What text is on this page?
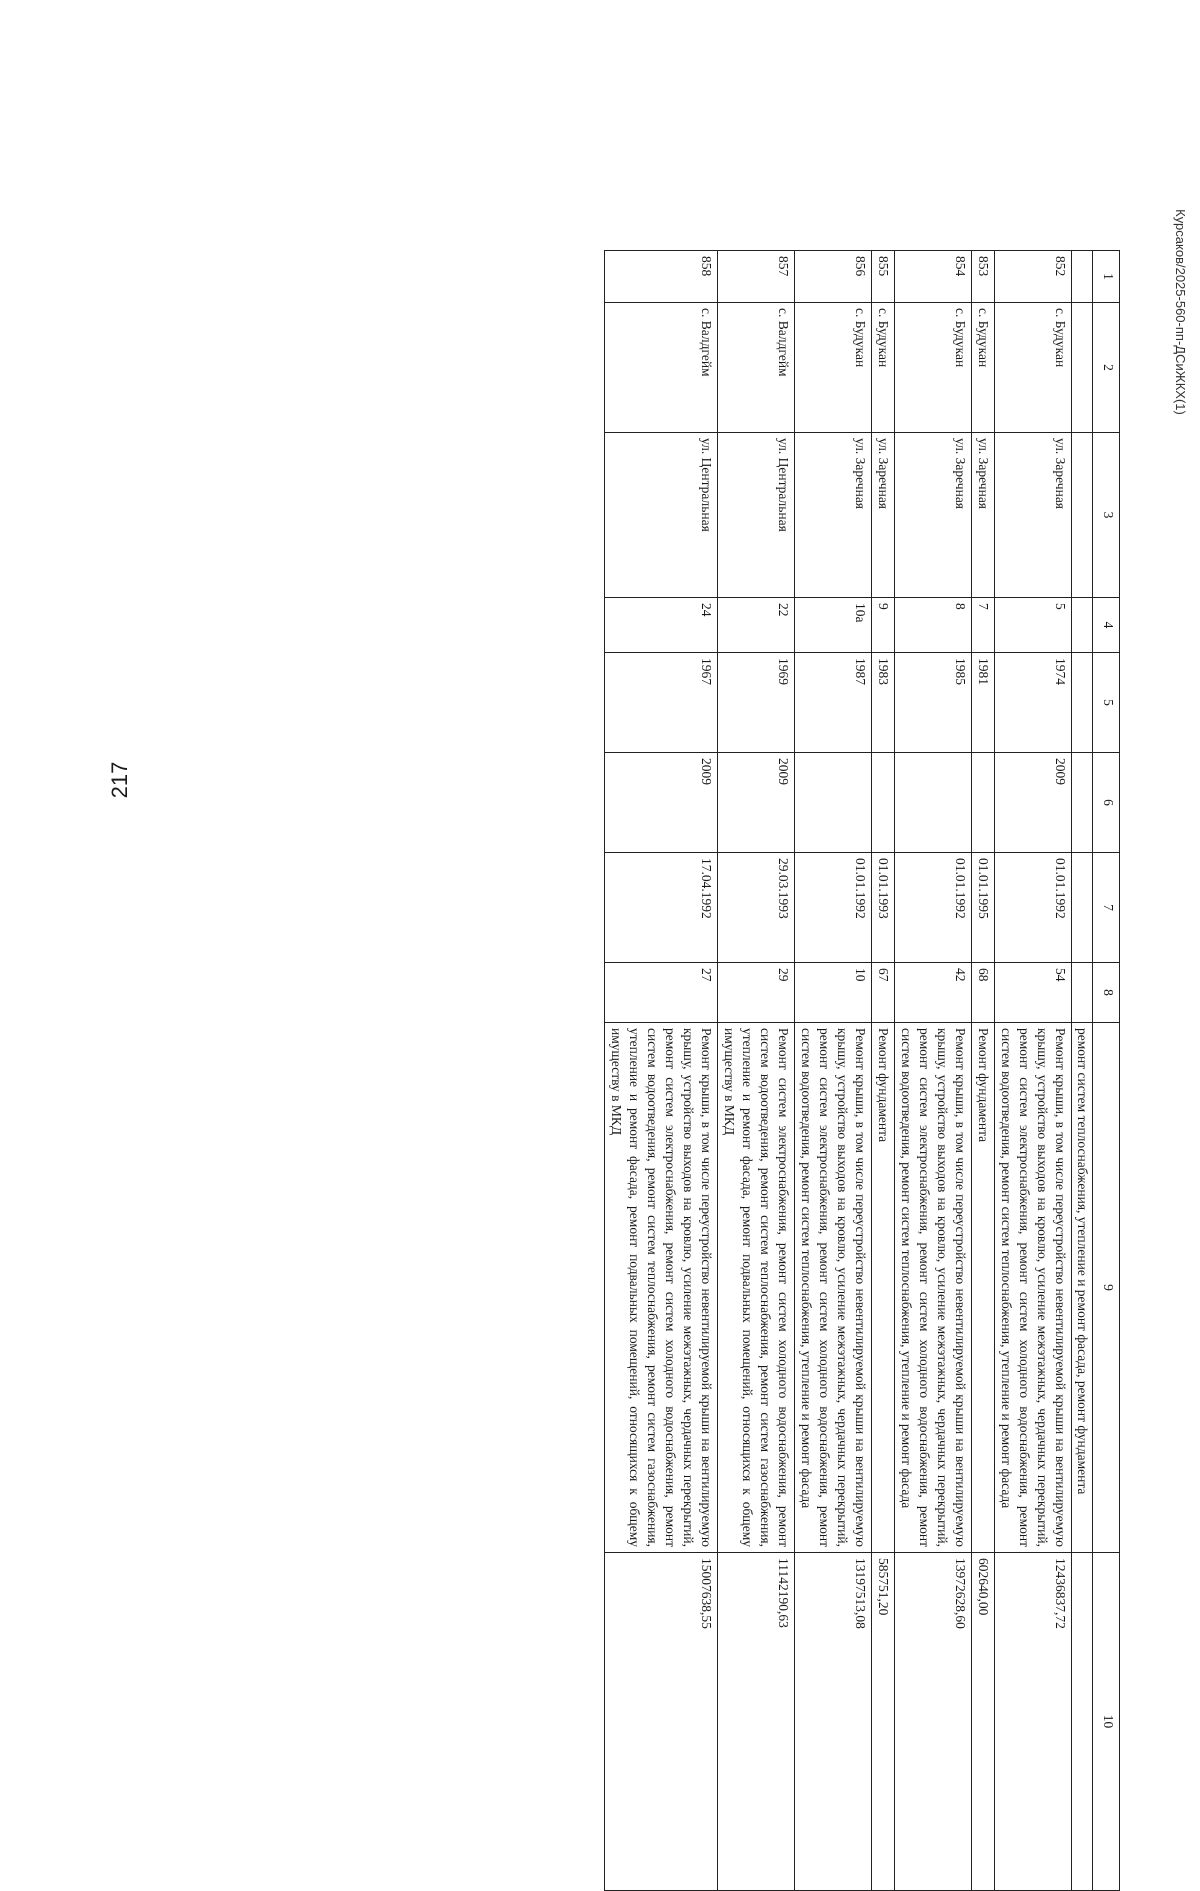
217
Курсаков/2025-560-пп-ДСиЖКХ(1)
1	2	3	4	5	6	7	8	9	10
								ремонт систем теплоснабжения, утепление и ремонт фасада, ремонт фундамента	
852	с. Будукан	ул. Заречная	5	1974	2009	01.01.1992	54	Ремонт крыши, в том числе переустройство невентилируемой крыши на вентилируемую крышу, устройство выходов на кровлю, усиление межэтажных, чердачных перекрытий, ремонт систем электроснабжения, ремонт систем холодного водоснабжения, ремонт систем водоотведения, ремонт систем теплоснабжения, утепление и ремонт фасада	12436837,72
853	с. Будукан	ул. Заречная	7	1981		01.01.1995	68	Ремонт фундамента	602640,00
854	с. Будукан	ул. Заречная	8	1985		01.01.1992	42	Ремонт крыши, в том числе переустройство невентилируемой крыши на вентилируемую крышу, устройство выходов на кровлю, усиление межэтажных, чердачных перекрытий, ремонт систем электроснабжения, ремонт систем холодного водоснабжения, ремонт систем водоотведения, ремонт систем теплоснабжения, утепление и ремонт фасада	13972628,60
855	с. Будукан	ул. Заречная	9	1983		01.01.1993	67	Ремонт фундамента	585751,20
856	с. Будукан	ул. Заречная	10а	1987		01.01.1992	10	Ремонт крыши, в том числе переустройство невентилируемой крыши на вентилируемую крышу, устройство выходов на кровлю, усиление межэтажных, чердачных перекрытий, ремонт систем электроснабжения, ремонт систем холодного водоснабжения, ремонт систем водоотведения, ремонт систем теплоснабжения, утепление и ремонт фасада	13197513,08
857	с. Валдгейм	ул. Центральная	22	1969	2009	29.03.1993	29	Ремонт систем электроснабжения, ремонт систем холодного водоснабжения, ремонт систем водоотведения, ремонт систем теплоснабжения, ремонт систем газоснабжения, утепление и ремонт фасада, ремонт подвальных помещений, относящихся к общему имуществу в МКД	11142190,63
858	с. Валдгейм	ул. Центральная	24	1967	2009	17.04.1992	27	Ремонт крыши, в том числе переустройство невентилируемой крыши на вентилируемую крышу, устройство выходов на кровлю, усиление межэтажных, чердачных перекрытий, ремонт систем электроснабжения, ремонт систем холодного водоснабжения, ремонт систем водоотведения, ремонт систем теплоснабжения, ремонт систем газоснабжения, утепление и ремонт фасада, ремонт подвальных помещений, относящихся к общему имуществу в МКД	15007638,55
